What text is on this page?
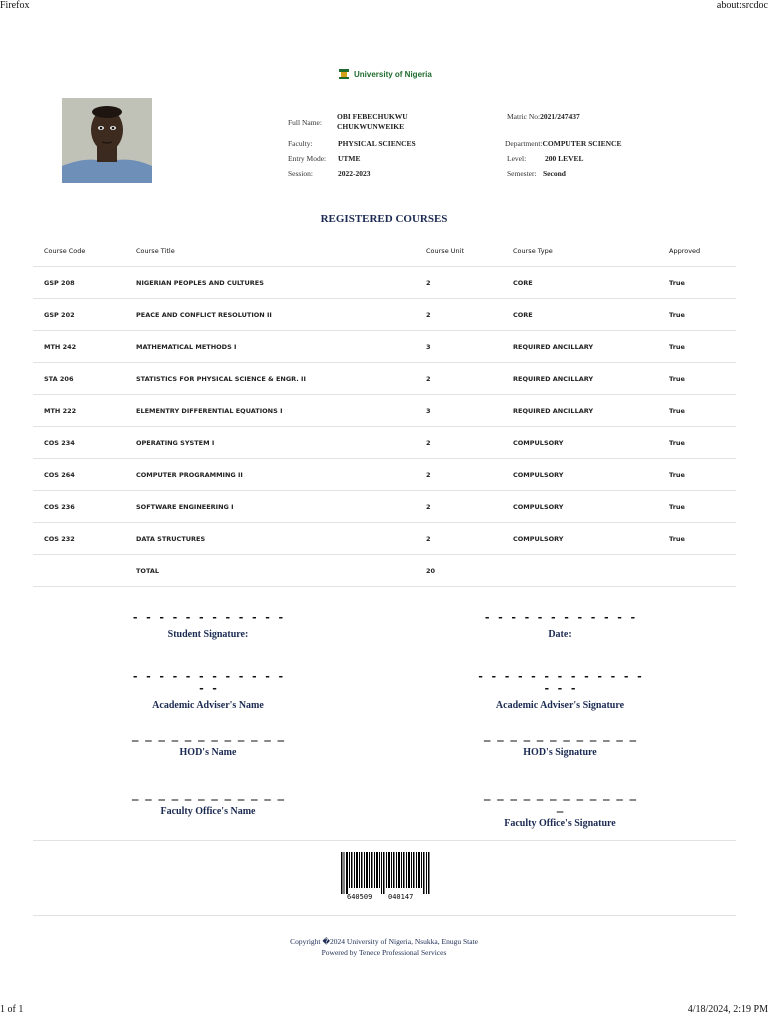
Firefox	about:srcdoc
1 of 1	4/18/2024, 2:19 PM
University of Nigeria
Full Name:
OBI FEBECHUKWU
CHUKWUNWEIKE
Matric No:2021/247437
Faculty:	PHYSICAL SCIENCES	Department:COMPUTER SCIENCE
Entry Mode: UTME	Level:	200 LEVEL
Session:	2022-2023	Semester: Second
REGISTERED COURSES
Course Code	Course Title	Course Unit	Course Type	Approved
GSP 208	NIGERIAN PEOPLES AND CULTURES	2	CORE	True
GSP 202	PEACE AND CONFLICT RESOLUTION II	2	CORE	True
MTH 242	MATHEMATICAL METHODS I	3	REQUIRED ANCILLARY	True
STA 206	STATISTICS FOR PHYSICAL SCIENCE & ENGR. II	2	REQUIRED ANCILLARY	True
MTH 222	ELEMENTRY DIFFERENTIAL EQUATIONS I	3	REQUIRED ANCILLARY	True
COS 234	OPERATING SYSTEM I	2	COMPULSORY	True
COS 264	COMPUTER PROGRAMMING II	2	COMPULSORY	True
COS 236	SOFTWARE ENGINEERING I	2	COMPULSORY	True
COS 232	DATA STRUCTURES	2	COMPULSORY	True
	TOTAL	20		
- - - - - - - - - - - -
Student Signature:
- - - - - - - - - - - -
Date:
- - - - - - - - - - - - - -
Academic Adviser's Name
- - - - - - - - - - - - - - - -
Academic Adviser's Signature
_ _ _ _ _ _ _ _ _ _ _ _
HOD's Name
_ _ _ _ _ _ _ _ _ _ _ _
HOD's Signature
_ _ _ _ _ _ _ _ _ _ _ _
Faculty Office's Name
_ _ _ _ _ _ _ _ _ _ _ _ _
Faculty Office's Signature
640509 040147
Copyright �2024 University of Nigeria, Nsukka, Enugu State
Powered by Tenece Professional Services
